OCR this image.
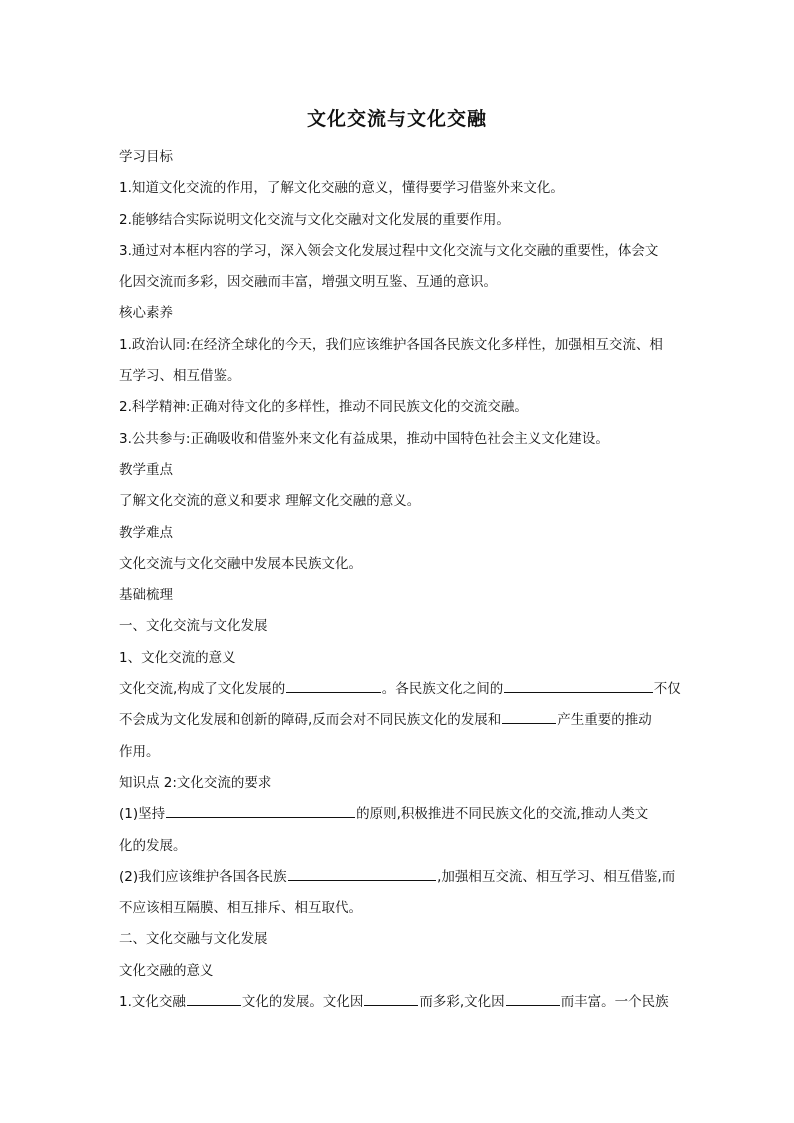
文化交流与文化交融
学习目标
1.知道文化交流的作用，了解文化交融的意义，懂得要学习借鉴外来文化。
2.能够结合实际说明文化交流与文化交融对文化发展的重要作用。
3.通过对本框内容的学习，深入领会文化发展过程中文化交流与文化交融的重要性，体会文
化因交流而多彩，因交融而丰富，增强文明互鉴、互通的意识。
核心素养
1.政治认同:在经济全球化的今天，我们应该维护各国各民族文化多样性，加强相互交流、相
互学习、相互借鉴。
2.科学精神:正确对待文化的多样性，推动不同民族文化的交流交融。
3.公共参与:正确吸收和借鉴外来文化有益成果，推动中国特色社会主义文化建设。
教学重点
了解文化交流的意义和要求 理解文化交融的意义。
教学难点
文化交流与文化交融中发展本民族文化。
基础梳理
一、文化交流与文化发展
1、文化交流的意义
文化交流,构成了文化发展的	。各民族文化之间的	不仅
不会成为文化发展和创新的障碍,反而会对不同民族文化的发展和	产生重要的推动
作用。
知识点 2:文化交流的要求
(1)坚持	的原则,积极推进不同民族文化的交流,推动人类文
化的发展。
(2)我们应该维护各国各民族	,加强相互交流、相互学习、相互借鉴,而
不应该相互隔膜、相互排斥、相互取代。
二、文化交融与文化发展
文化交融的意义
1.文化交融	文化的发展。文化因	而多彩,文化因	而丰富。一个民族
